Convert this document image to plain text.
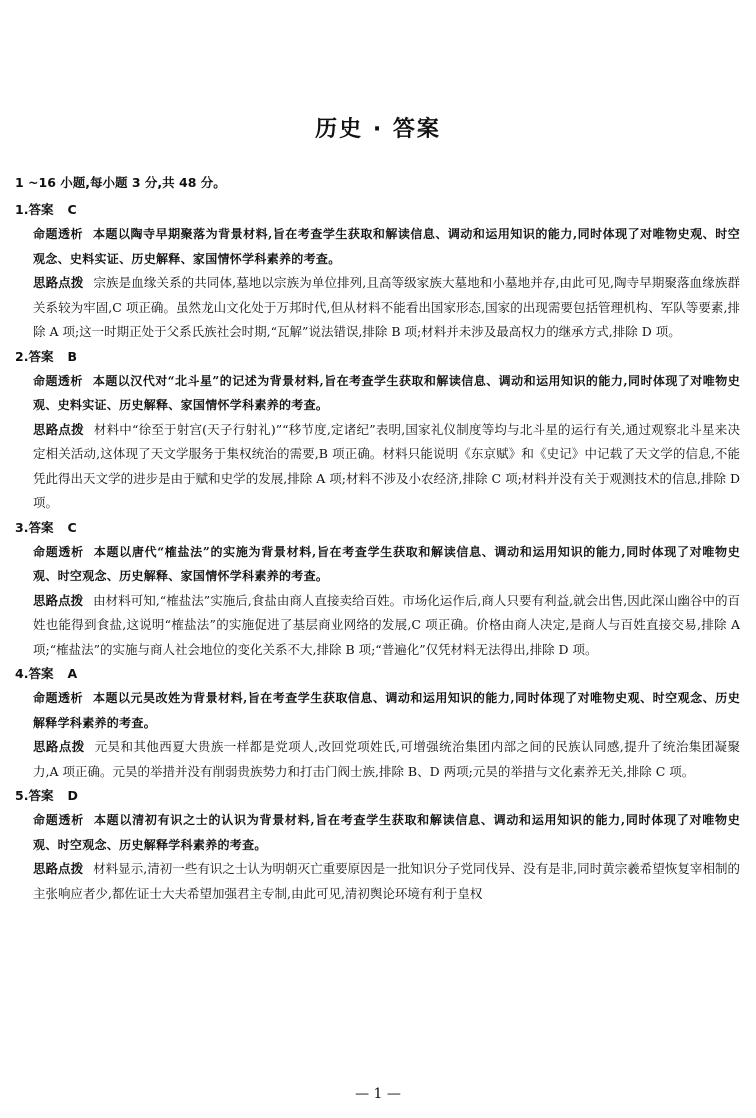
历史 · 答案
1 ~16 小题,每小题 3 分,共 48 分。
1.答案 C

命题透析 本题以陶寺早期聚落为背景材料,旨在考查学生获取和解读信息、调动和运用知识的能力,同时体现了对唯物史观、时空观念、史料实证、历史解释、家国情怀学科素养的考查。

思路点拨 宗族是血缘关系的共同体,墓地以宗族为单位排列,且高等级家族大墓地和小墓地并存,由此可见,陶寺早期聚落血缘族群关系较为牢固,C 项正确。虽然龙山文化处于万邦时代,但从材料不能看出国家形态,国家的出现需要包括管理机构、军队等要素,排除 A 项;这一时期正处于父系氏族社会时期,“瓦解”说法错误,排除 B 项;材料并未涉及最高权力的继承方式,排除 D 项。

2.答案 B

命题透析 本题以汉代对“北斗星”的记述为背景材料,旨在考查学生获取和解读信息、调动和运用知识的能力,同时体现了对唯物史观、史料实证、历史解释、家国情怀学科素养的考查。

思路点拨 材料中“徐至于射宫(天子行射礼)”“移节度,定诸纪”表明,国家礼仪制度等均与北斗星的运行有关,通过观察北斗星来决定相关活动,这体现了天文学服务于集权统治的需要,B 项正确。材料只能说明《东京赋》和《史记》中记载了天文学的信息,不能凭此得出天文学的进步是由于赋和史学的发展,排除 A 项;材料不涉及小农经济,排除 C 项;材料并没有关于观测技术的信息,排除 D 项。

3.答案 C

命题透析 本题以唐代“榷盐法”的实施为背景材料,旨在考查学生获取和解读信息、调动和运用知识的能力,同时体现了对唯物史观、时空观念、历史解释、家国情怀学科素养的考查。

思路点拨 由材料可知,“榷盐法”实施后,食盐由商人直接卖给百姓。市场化运作后,商人只要有利益,就会出售,因此深山幽谷中的百姓也能得到食盐,这说明“榷盐法”的实施促进了基层商业网络的发展,C 项正确。价格由商人决定,是商人与百姓直接交易,排除 A 项;“榷盐法”的实施与商人社会地位的变化关系不大,排除 B 项;“普遍化”仅凭材料无法得出,排除 D 项。

4.答案 A

命题透析 本题以元昊改姓为背景材料,旨在考查学生获取信息、调动和运用知识的能力,同时体现了对唯物史观、时空观念、历史解释学科素养的考查。

思路点拨 元昊和其他西夏大贵族一样都是党项人,改回党项姓氏,可增强统治集团内部之间的民族认同感,提升了统治集团凝聚力,A 项正确。元昊的举措并没有削弱贵族势力和打击门阀士族,排除 B、D 两项;元昊的举措与文化素养无关,排除 C 项。

5.答案 D

命题透析 本题以清初有识之士的认识为背景材料,旨在考查学生获取和解读信息、调动和运用知识的能力,同时体现了对唯物史观、时空观念、历史解释学科素养的考查。

思路点拨 材料显示,清初一些有识之士认为明朝灭亡重要原因是一批知识分子党同伐异、没有是非,同时黄宗羲希望恢复宰相制的主张响应者少,都佐证士大夫希望加强君主专制,由此可见,清初舆论环境有利于皇权

— 1 —
